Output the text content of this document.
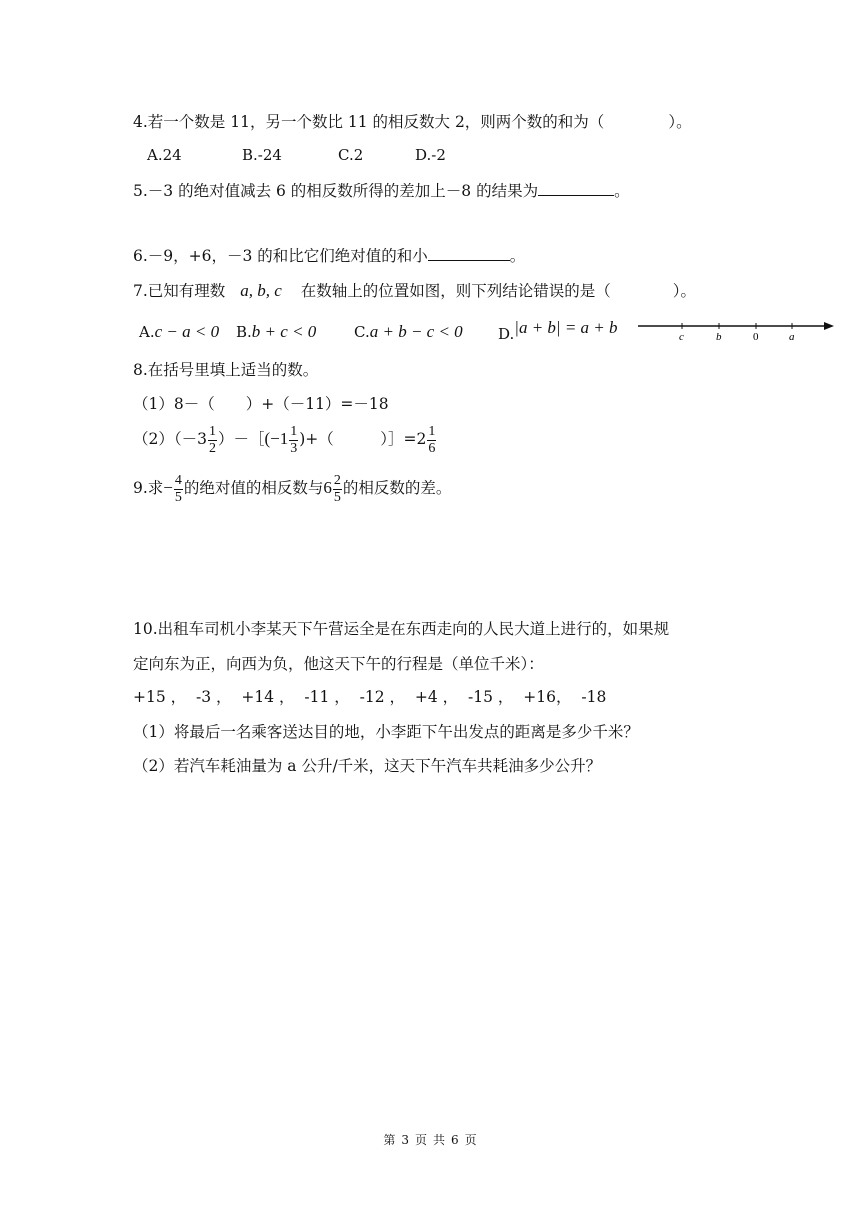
4.若一个数是 11，另一个数比 11 的相反数大 2，则两个数的和为（	）。
A.24	B.-24	C.2	D.-2
5.－3 的绝对值减去 6 的相反数所得的差加上－8 的结果为	。
6.－9，+6，－3 的和比它们绝对值的和小	。
7.已知有理数 a, b, c 在数轴上的位置如图，则下列结论错误的是（	）。
A.c − a < 0 B.b + c < 0	C.a + b − c < 0 D.|a + b| = a + b	c	b	0	a
8.在括号里填上适当的数。
（1）8－（　　）+（－11）=－18
$(2)(-3 \frac{1}{2}$ ）－［(−1 $\frac{1}{3}$ )+（　　　）］=2 $\frac{1}{6}$
9.求− $\frac{4}{5}$ 的绝对值的相反数与$6 \frac{2}{5}$ 的相反数的差。
10.出租车司机小李某天下午营运全是在东西走向的人民大道上进行的，如果规
定向东为正，向西为负，他这天下午的行程是（单位千米）：
+15 ，  -3 ，  +14 ，  -11 ，  -12 ，  +4 ，  -15 ，  +16，  -18
（1）将最后一名乘客送达目的地，小李距下午出发点的距离是多少千米？
（2）若汽车耗油量为 a 公升/千米，这天下午汽车共耗油多少公升？
第 3 页 共 6 页
